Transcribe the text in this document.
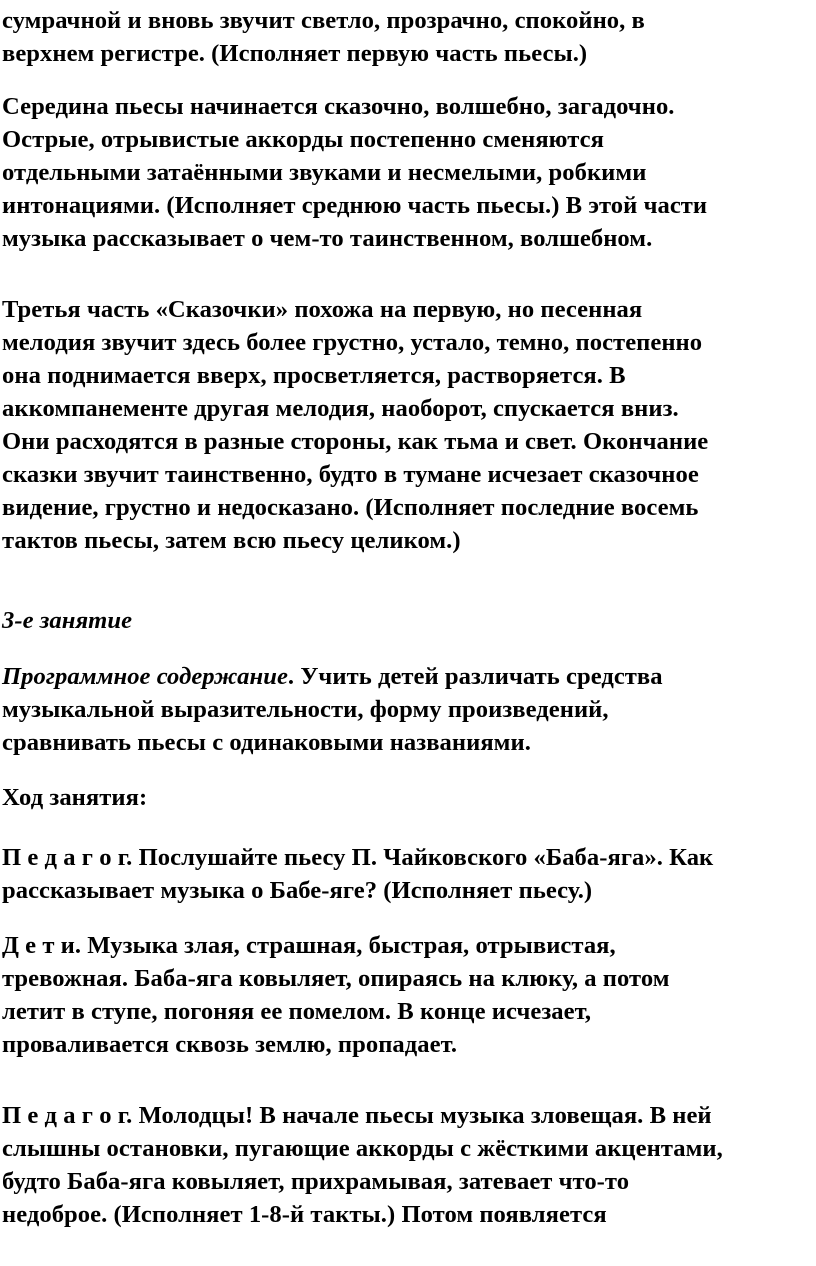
сумрачной и вновь звучит светло, прозрачно, спокойно, в
верхнем регистре. (Исполняет первую часть пьесы.)

Середина пьесы начинается сказочно, волшебно, загадочно.
Острые, отрывистые аккорды постепенно сменяются
отдельными затаёнными звуками и несмелыми, робкими
интонациями. (Исполняет среднюю часть пьесы.) В этой части
музыка рассказывает о чем-то таинственном, волшебном.

Третья часть «Сказочки» похожа на первую, но песенная
мелодия звучит здесь более грустно, устало, темно, постепенно
она поднимается вверх, просветляется, растворяется. В
аккомпанементе другая мелодия, наоборот, спускается вниз.
Они расходятся в разные стороны, как тьма и свет. Окончание
сказки звучит таинственно, будто в тумане исчезает сказочное
видение, грустно и недосказано. (Исполняет последние восемь
тактов пьесы, затем всю пьесу целиком.)

3-е занятие

Программное содержание. Учить детей различать средства
музыкальной выразительности, форму произведений,
сравнивать пьесы с одинаковыми названиями.

Ход занятия:

П е д а г о г. Послушайте пьесу П. Чайковского «Баба-яга». Как
рассказывает музыка о Бабе-яге? (Исполняет пьесу.)

Д е т и. Музыка злая, страшная, быстрая, отрывистая,
тревожная. Баба-яга ковыляет, опираясь на клюку, а потом
летит в ступе, погоняя ее помелом. В конце исчезает,
проваливается сквозь землю, пропадает.

П е д а г о г. Молодцы! В начале пьесы музыка зловещая. В ней
слышны остановки, пугающие аккорды с жёсткими акцентами,
будто Баба-яга ковыляет, прихрамывая, затевает что-то
недоброе. (Исполняет 1-8-й такты.) Потом появляется
